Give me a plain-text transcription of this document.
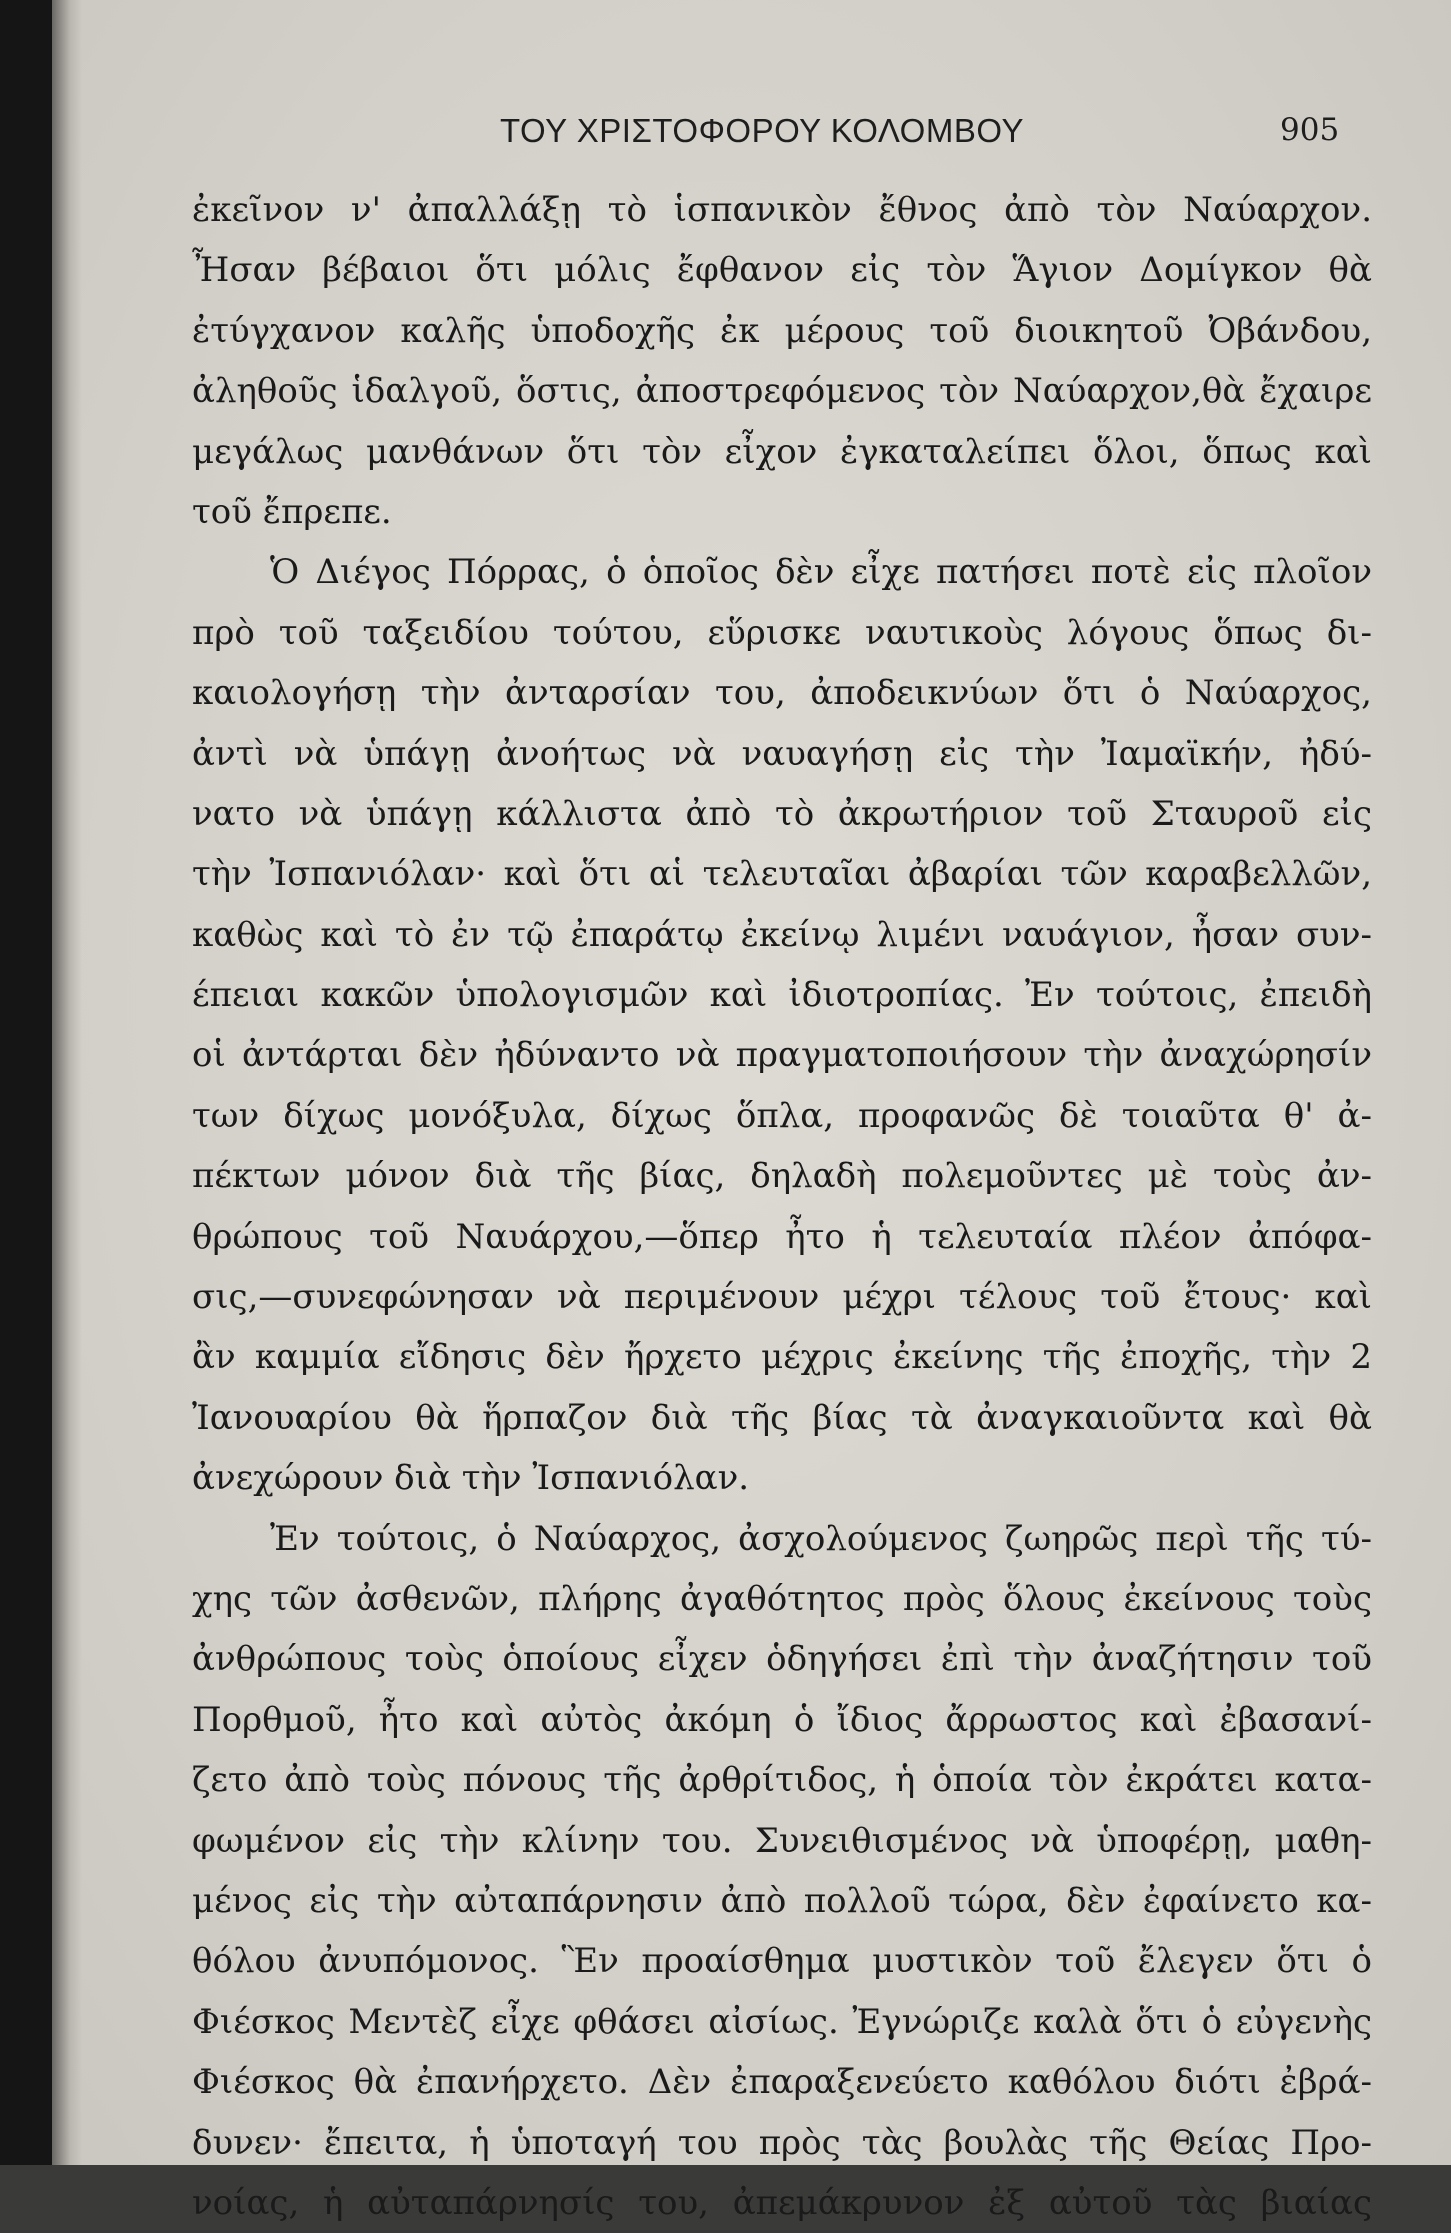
ΤΟΥ ΧΡΙΣΤΟΦΟΡΟΥ ΚΟΛΟΜΒΟΥ	905
ἐκεῖνον ν' ἀπαλλάξῃ τὸ ἱσπανικὸν ἔθνος ἀπὸ τὸν Ναύαρχον.
Ἦσαν βέβαιοι ὅτι μόλις ἔφθανον εἰς τὸν Ἅγιον Δομίγκον θὰ
ἐτύγχανον καλῆς ὑποδοχῆς ἐκ μέρους τοῦ διοικητοῦ Ὀβάνδου,
ἀληθοῦς ἱδαλγοῦ, ὅστις, ἀποστρεφόμενος τὸν Ναύαρχον,θὰ ἔχαιρε
μεγάλως μανθάνων ὅτι τὸν εἶχον ἐγκαταλείπει ὅλοι, ὅπως καὶ
τοῦ ἔπρεπε.
Ὁ Διέγος Πόρρας, ὁ ὁποῖος δὲν εἶχε πατήσει ποτὲ εἰς πλοῖον
πρὸ τοῦ ταξειδίου τούτου, εὕρισκε ναυτικοὺς λόγους ὅπως δι-
καιολογήσῃ τὴν ἀνταρσίαν του, ἀποδεικνύων ὅτι ὁ Ναύαρχος,
ἀντὶ νὰ ὑπάγῃ ἀνοήτως νὰ ναυαγήσῃ εἰς τὴν Ἰαμαϊκήν, ἠδύ-
νατο νὰ ὑπάγῃ κάλλιστα ἀπὸ τὸ ἀκρωτήριον τοῦ Σταυροῦ εἰς
τὴν Ἰσπανιόλαν· καὶ ὅτι αἱ τελευταῖαι ἀβαρίαι τῶν καραβελλῶν,
καθὼς καὶ τὸ ἐν τῷ ἐπαράτῳ ἐκείνῳ λιμένι ναυάγιον, ἦσαν συν-
έπειαι κακῶν ὑπολογισμῶν καὶ ἰδιοτροπίας. Ἐν τούτοις, ἐπειδὴ
οἱ ἀντάρται δὲν ἠδύναντο νὰ πραγματοποιήσουν τὴν ἀναχώρησίν
των δίχως μονόξυλα, δίχως ὅπλα, προφανῶς δὲ τοιαῦτα θ' ἀ-
πέκτων μόνον διὰ τῆς βίας, δηλαδὴ πολεμοῦντες μὲ τοὺς ἀν-
θρώπους τοῦ Ναυάρχου,—ὅπερ ἦτο ἡ τελευταία πλέον ἀπόφα-
σις,—συνεφώνησαν νὰ περιμένουν μέχρι τέλους τοῦ ἔτους· καὶ
ἂν καμμία εἴδησις δὲν ἤρχετο μέχρις ἐκείνης τῆς ἐποχῆς, τὴν 2
Ἰανουαρίου θὰ ἥρπαζον διὰ τῆς βίας τὰ ἀναγκαιοῦντα καὶ θὰ
ἀνεχώρουν διὰ τὴν Ἰσπανιόλαν.
Ἐν τούτοις, ὁ Ναύαρχος, ἀσχολούμενος ζωηρῶς περὶ τῆς τύ-
χης τῶν ἀσθενῶν, πλήρης ἀγαθότητος πρὸς ὅλους ἐκείνους τοὺς
ἀνθρώπους τοὺς ὁποίους εἶχεν ὁδηγήσει ἐπὶ τὴν ἀναζήτησιν τοῦ
Πορθμοῦ, ἦτο καὶ αὐτὸς ἀκόμη ὁ ἴδιος ἄρρωστος καὶ ἐβασανί-
ζετο ἀπὸ τοὺς πόνους τῆς ἀρθρίτιδος, ἡ ὁποία τὸν ἐκράτει κατα-
φωμένον εἰς τὴν κλίνην του. Συνειθισμένος νὰ ὑποφέρῃ, μαθη-
μένος εἰς τὴν αὐταπάρνησιν ἀπὸ πολλοῦ τώρα, δὲν ἐφαίνετο κα-
θόλου ἀνυπόμονος. Ἓν προαίσθημα μυστικὸν τοῦ ἔλεγεν ὅτι ὁ
Φιέσκος Μεντὲζ εἶχε φθάσει αἰσίως. Ἐγνώριζε καλὰ ὅτι ὁ εὐγενὴς
Φιέσκος θὰ ἐπανήρχετο. Δὲν ἐπαραξενεύετο καθόλου διότι ἐβρά-
δυνεν· ἔπειτα, ἡ ὑποταγή του πρὸς τὰς βουλὰς τῆς Θείας Προ-
νοίας, ἡ αὐταπάρνησίς του, ἀπεμάκρυνον ἐξ αὐτοῦ τὰς βιαίας
